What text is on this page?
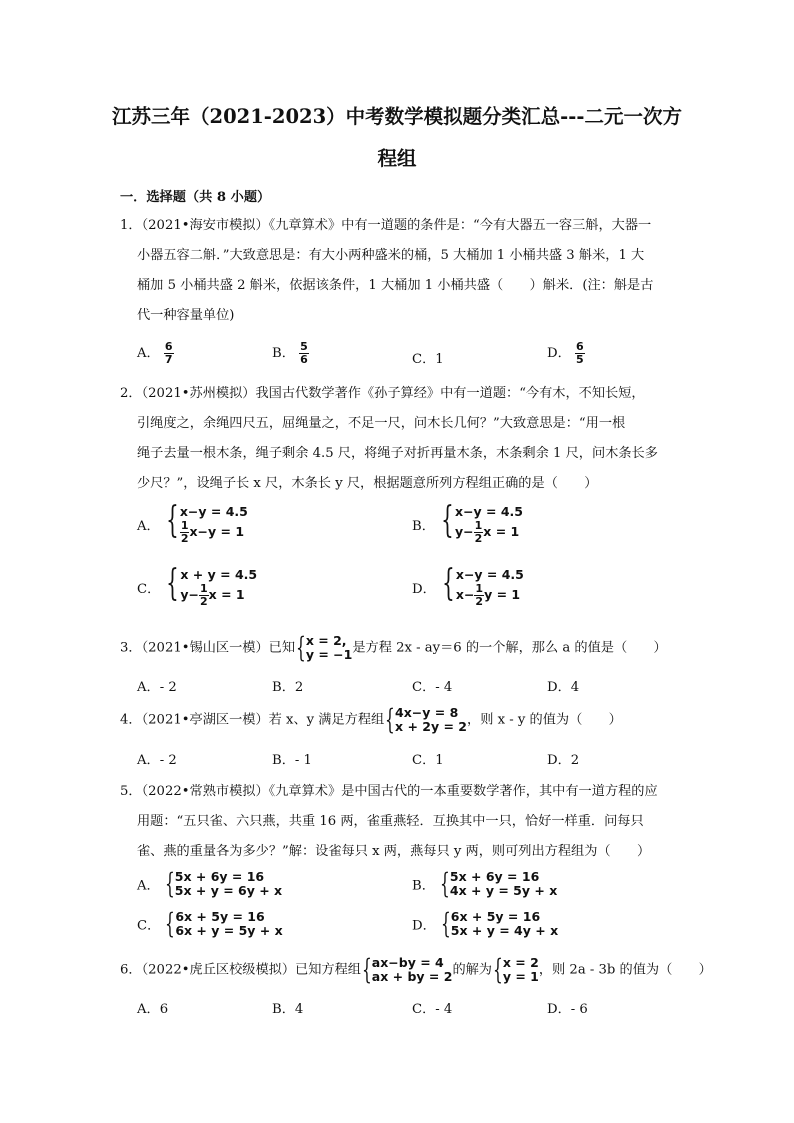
江苏三年（2021-2023）中考数学模拟题分类汇总---二元一次方
程组
一．选择题（共 8 小题）
1．（2021•海安市模拟）《九章算术》中有一道题的条件是：“今有大器五一容三斛，大器一
小器五容二斛．”大致意思是：有大小两种盛米的桶，5 大桶加 1 小桶共盛 3 斛米，1 大
桶加 5 小桶共盛 2 斛米，依据该条件，1 大桶加 1 小桶共盛（　　）斛米．(注：斛是古
代一种容量单位)
A． $\frac{6}{7}$	B． $\frac{5}{6}$	C．1	D． $\frac{6}{5}$
2．（2021•苏州模拟）我国古代数学著作《孙子算经》中有一道题：“今有木，不知长短，
引绳度之，余绳四尺五，屈绳量之，不足一尺，问木长几何？”大致意思是：“用一根
绳子去量一根木条，绳子剩余 4.5 尺，将绳子对折再量木条，木条剩余 1 尺，问木条长多
少尺？”，设绳子长 x 尺，木条长 y 尺，根据题意所列方程组正确的是（　　）
A． { x−y = 4.5
$\frac{1}{2} x-y = 1$	B． { x−y = 4.5
$y- \frac{1}{2}$ x = 1
C． { x + y = 4.5
$y- \frac{1}{2}$ x = 1	D． { x−y = 4.5
$x- \frac{1}{2}$ y = 1
3．（2021•锡山区一模）已知 { x = 2,
y = −1 是方程 2x - ay＝6 的一个解，那么 a 的值是（　　）
A．- 2	B．2	C．- 4	D．4
4．（2021•亭湖区一模）若 x、y 满足方程组 { 4x−y = 8
x + 2y = 2 ，则 x - y 的值为（　　）
A．- 2	B．- 1	C．1	D．2
5．（2022•常熟市模拟）《九章算术》是中国古代的一本重要数学著作，其中有一道方程的应
用题：“五只雀、六只燕，共重 16 两，雀重燕轻．互换其中一只，恰好一样重．问每只
雀、燕的重量各为多少？”解：设雀每只 x 两，燕每只 y 两，则可列出方程组为（　　）
A． { 5x + 6y = 16
5x + y = 6y + x	B． { 5x + 6y = 16
4x + y = 5y + x
C． { 6x + 5y = 16
6x + y = 5y + x	D． { 6x + 5y = 16
5x + y = 4y + x
6．（2022•虎丘区校级模拟）已知方程组 { ax−by = 4
ax + by = 2 的解为 { x = 2
y = 1 ，则 2a - 3b 的值为（　　）
A．6	B．4	C．- 4	D．- 6
